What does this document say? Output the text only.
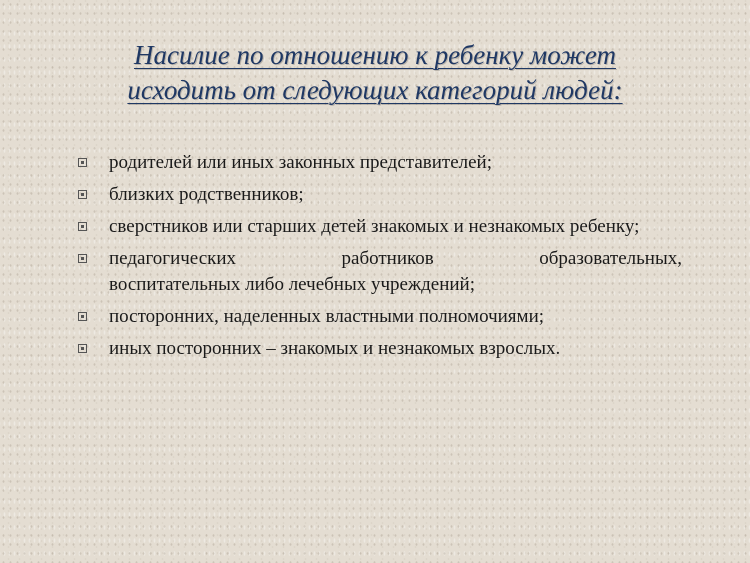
Насилие по отношению к ребенку может
исходить от следующих категорий людей:
родителей или иных законных представителей;
близких родственников;
сверстников или старших детей знакомых и незнакомых ребенку;
педагогических	работников	образовательных,
воспитательных либо лечебных учреждений;
посторонних, наделенных властными полномочиями;
иных посторонних – знакомых и незнакомых взрослых.
